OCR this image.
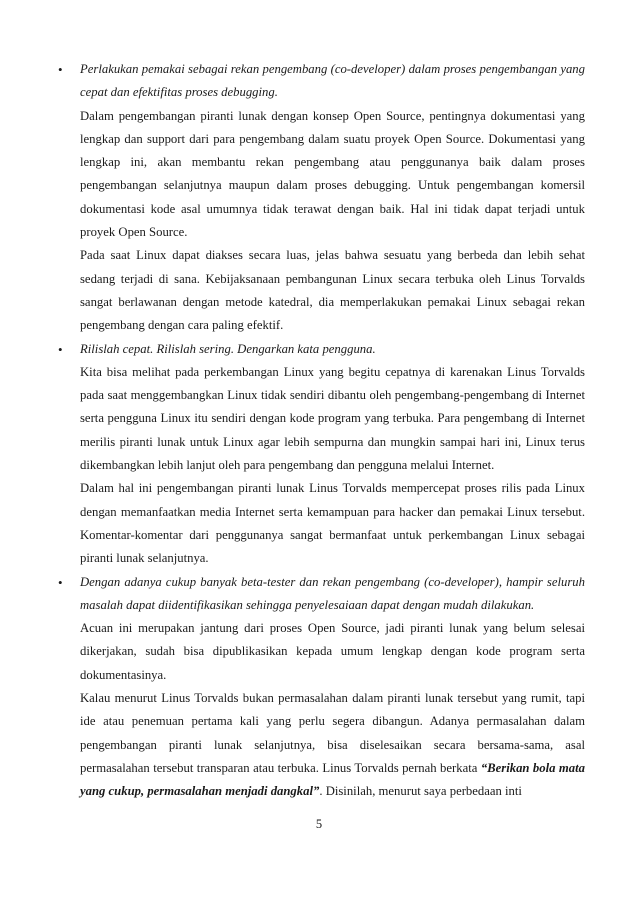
•	Perlakukan pemakai sebagai rekan pengembang (co-developer) dalam proses pengembangan yang cepat dan efektifitas proses debugging.

Dalam pengembangan piranti lunak dengan konsep Open Source, pentingnya dokumentasi yang lengkap dan support dari para pengembang dalam suatu proyek Open Source. Dokumentasi yang lengkap ini, akan membantu rekan pengembang atau penggunanya baik dalam proses pengembangan selanjutnya maupun dalam proses debugging. Untuk pengembangan komersil dokumentasi kode asal umumnya tidak terawat dengan baik. Hal ini tidak dapat terjadi untuk proyek Open Source.

Pada saat Linux dapat diakses secara luas, jelas bahwa sesuatu yang berbeda dan lebih sehat sedang terjadi di sana. Kebijaksanaan pembangunan Linux secara terbuka oleh Linus Torvalds sangat berlawanan dengan metode katedral, dia memperlakukan pemakai Linux sebagai rekan pengembang dengan cara paling efektif.

•	Rilislah cepat. Rilislah sering. Dengarkan kata pengguna.

Kita bisa melihat pada perkembangan Linux yang begitu cepatnya di karenakan Linus Torvalds pada saat menggembangkan Linux tidak sendiri dibantu oleh pengembang-pengembang di Internet serta pengguna Linux itu sendiri dengan kode program yang terbuka. Para pengembang di Internet merilis piranti lunak untuk Linux agar lebih sempurna dan mungkin sampai hari ini, Linux terus dikembangkan lebih lanjut oleh para pengembang dan pengguna melalui Internet.

Dalam hal ini pengembangan piranti lunak Linus Torvalds mempercepat proses rilis pada Linux dengan memanfaatkan media Internet serta kemampuan para hacker dan pemakai Linux tersebut. Komentar-komentar dari penggunanya sangat bermanfaat untuk perkembangan Linux sebagai piranti lunak selanjutnya.

•	Dengan adanya cukup banyak beta-tester dan rekan pengembang (co-developer), hampir seluruh masalah dapat diidentifikasikan sehingga penyelesaiaan dapat dengan mudah dilakukan.

Acuan ini merupakan jantung dari proses Open Source, jadi piranti lunak yang belum selesai dikerjakan, sudah bisa dipublikasikan kepada umum lengkap dengan kode program serta dokumentasinya.

Kalau menurut Linus Torvalds bukan permasalahan dalam piranti lunak tersebut yang rumit, tapi ide atau penemuan pertama kali yang perlu segera dibangun. Adanya permasalahan dalam pengembangan piranti lunak selanjutnya, bisa diselesaikan secara bersama-sama, asal permasalahan tersebut transparan atau terbuka. Linus Torvalds pernah berkata “Berikan bola mata yang cukup, permasalahan menjadi dangkal”. Disinilah, menurut saya perbedaan inti

5
